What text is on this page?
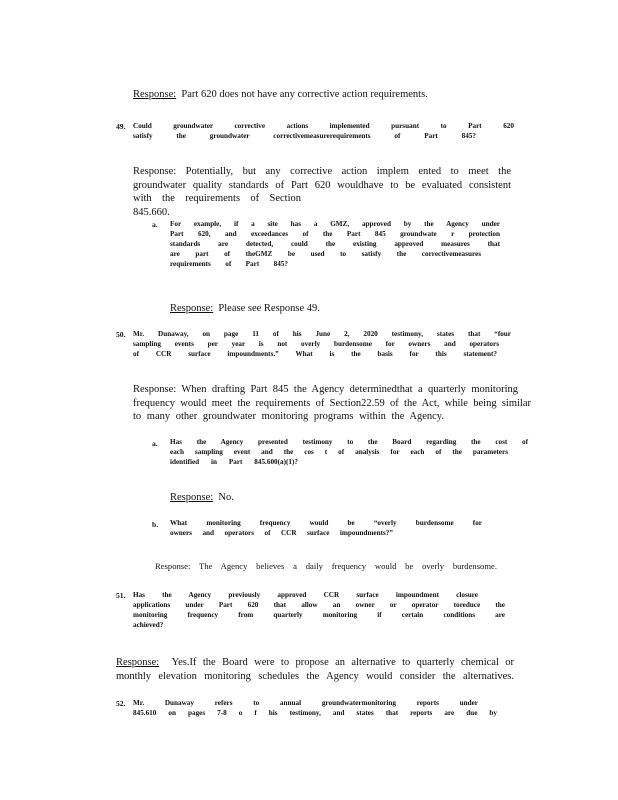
Response: Part 620 does not have any corrective action requirements.
49. Could groundwater corrective actions implemented pursuant to Part 620
satisfy the groundwater correctivemeasurerequirements of Part 845?
Response: Potentially, but any corrective action implem ented to meet the
groundwater quality standards of Part 620 wouldhave to be evaluated consistent
with the requirements of Section 845.660.
a. For example, if a site has a GMZ, approved by the Agency under
Part 620, and exceedances of the Part 845 groundwate r protection
standards are detected, could the existing approved measures that
are part of theGMZ be used to satisfy the correctivemeasures
requirements of Part 845?
Response: Please see Response 49.
50. Mr. Dunaway, on page 11 of his June 2, 2020 testimony, states that “four
sampling events per year is not overly burdensome for owners and operators
of CCR surface impoundments.” What is the basis for this statement?
Response: When drafting Part 845 the Agency determinedthat a quarterly monitoring
frequency would meet the requirements of Section22.59 of the Act, while being similar
to many other groundwater monitoring programs within the Agency.
a. Has the Agency presented testimony to the Board regarding the cost of
each sampling event and the cos t of analysis for each of the parameters
identified in Part 845.600(a)(1)?
Response: No.
b. What monitoring frequency would be “overly burdensome for
owners and operators of CCR surface impoundments?”
Response: The Agency believes a daily frequency would be overly burdensome.
51. Has the Agency previously approved CCR surface impoundment closure
applications under Part 620 that allow an owner or operator toreduce the
monitoring frequency from quarterly monitoring if certain conditions are
achieved?
Response: Yes.If the Board were to propose an alternative to quarterly chemical or
monthly elevation monitoring schedules the Agency would consider the alternatives.
52. Mr. Dunaway refers to annual groundwatermonitoring reports under
845.610 on pages 7-8 o f his testimony, and states that reports are due by
